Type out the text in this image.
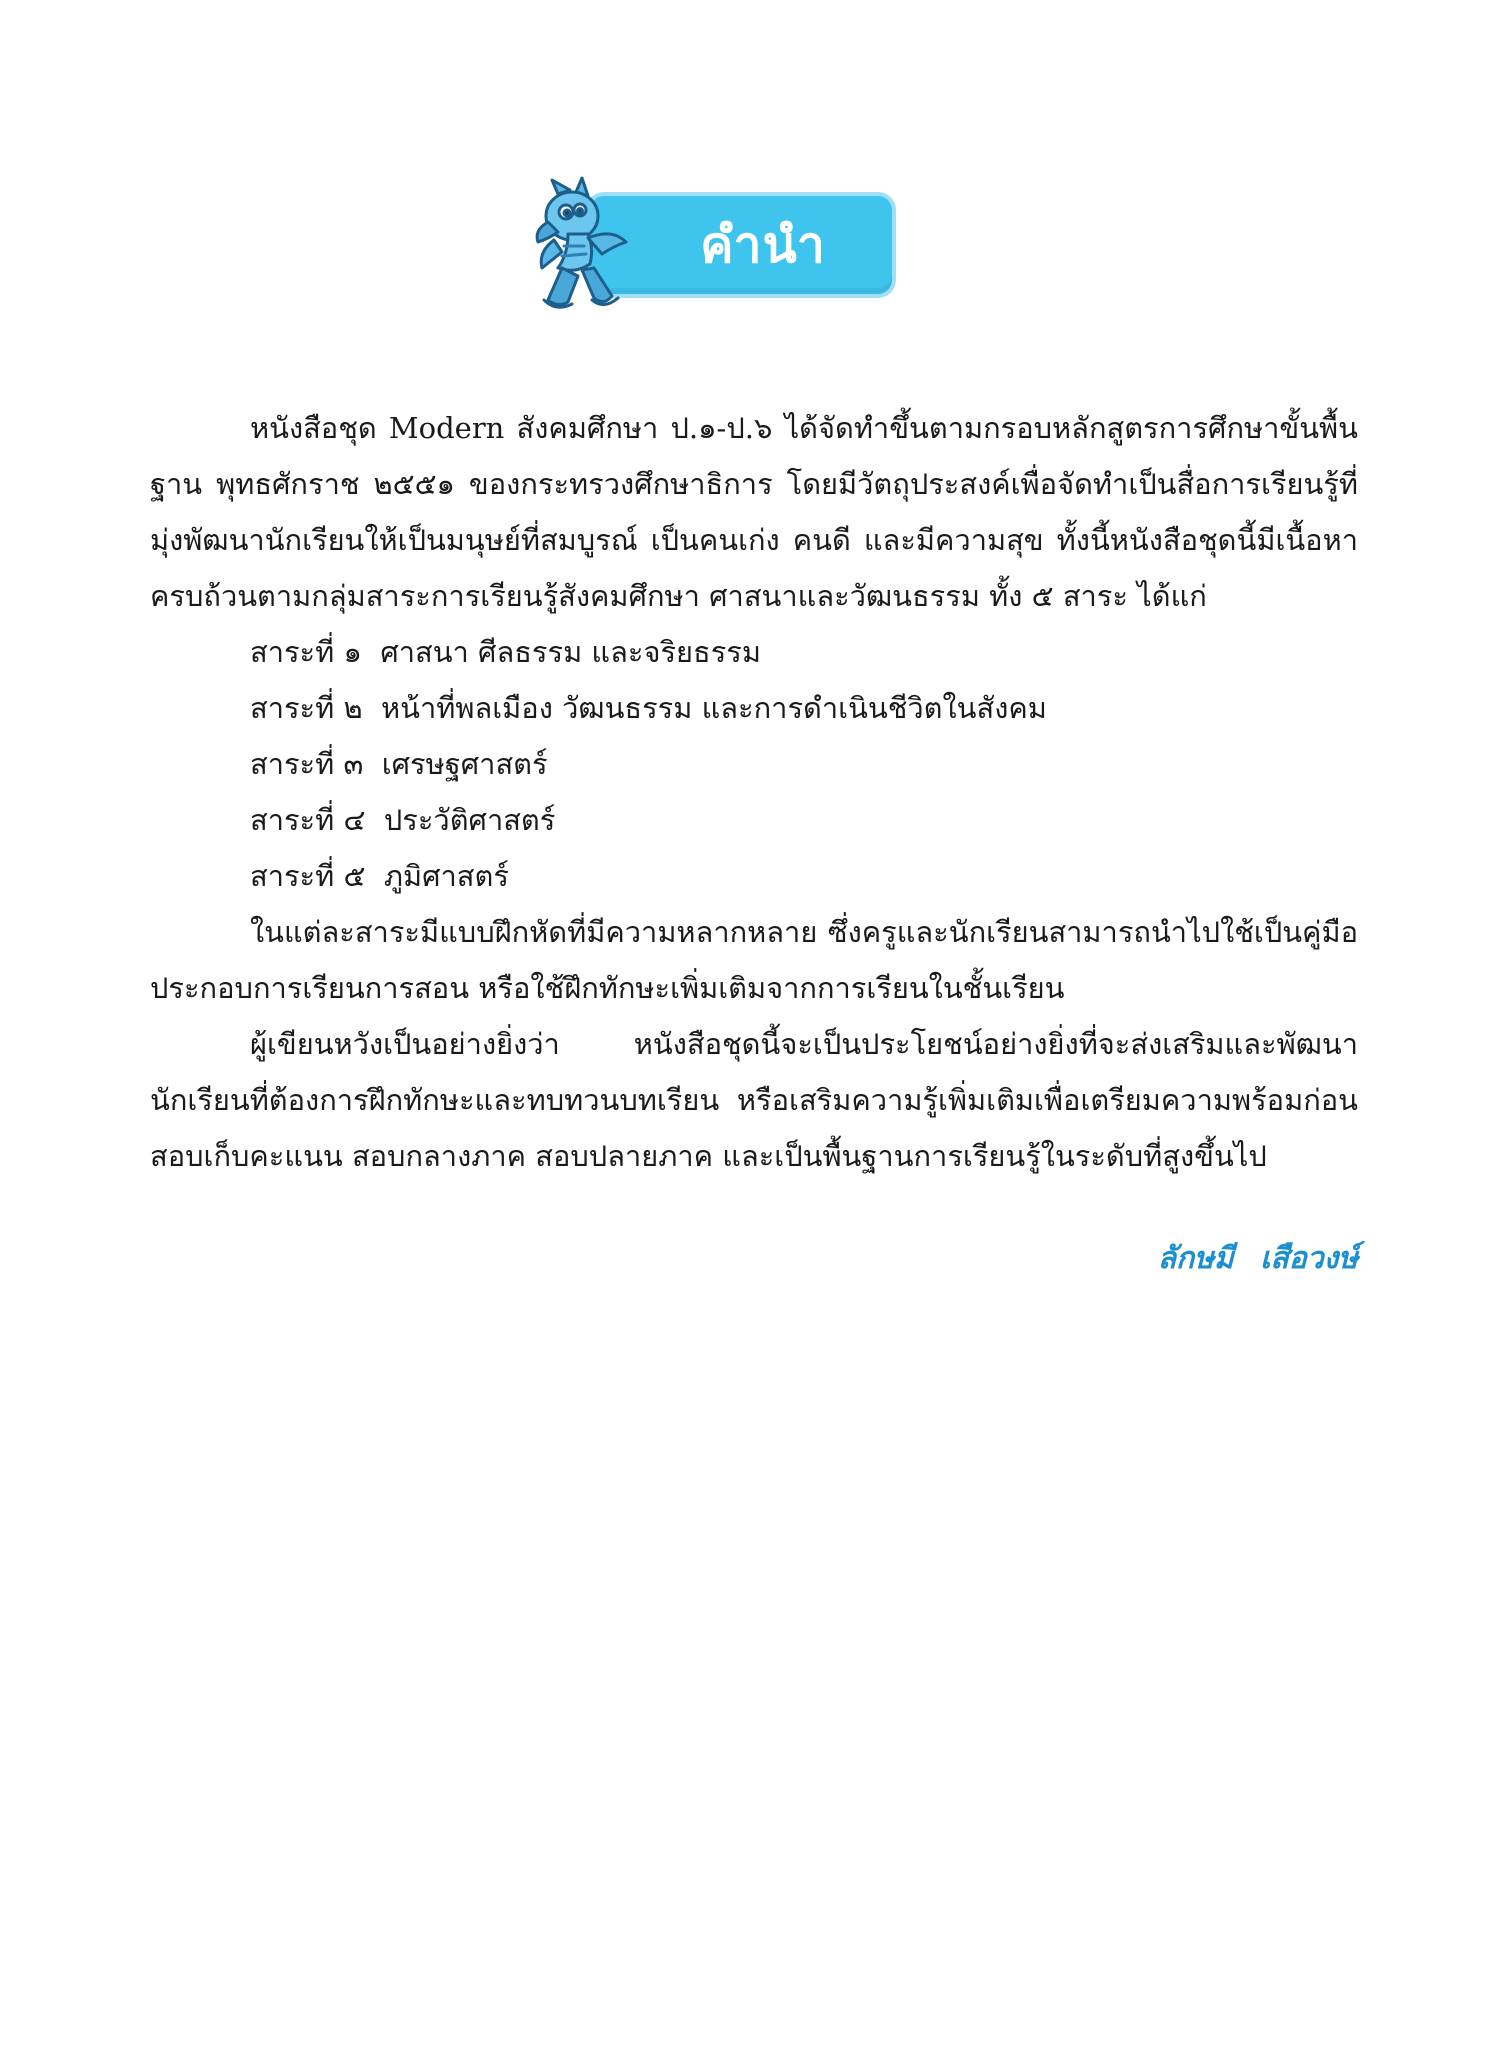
คำนำ

หนังสือชุด Modern สังคมศึกษา ป.๑-ป.๖ ได้จัดทำขึ้นตามกรอบหลักสูตรการศึกษาขั้นพื้นฐาน พุทธศักราช ๒๕๕๑ ของกระทรวงศึกษาธิการ โดยมีวัตถุประสงค์เพื่อจัดทำเป็นสื่อการเรียนรู้ที่มุ่งพัฒนานักเรียนให้เป็นมนุษย์ที่สมบูรณ์ เป็นคนเก่ง คนดี และมีความสุข ทั้งนี้หนังสือชุดนี้มีเนื้อหาครบถ้วนตามกลุ่มสาระการเรียนรู้สังคมศึกษา ศาสนาและวัฒนธรรม ทั้ง ๕ สาระ ได้แก่

สาระที่ ๑ ศาสนา ศีลธรรม และจริยธรรม
สาระที่ ๒ หน้าที่พลเมือง วัฒนธรรม และการดำเนินชีวิตในสังคม
สาระที่ ๓ เศรษฐศาสตร์
สาระที่ ๔ ประวัติศาสตร์
สาระที่ ๕ ภูมิศาสตร์

ในแต่ละสาระมีแบบฝึกหัดที่มีความหลากหลาย ซึ่งครูและนักเรียนสามารถนำไปใช้เป็นคู่มือประกอบการเรียนการสอน หรือใช้ฝึกทักษะเพิ่มเติมจากการเรียนในชั้นเรียน

ผู้เขียนหวังเป็นอย่างยิ่งว่า หนังสือชุดนี้จะเป็นประโยชน์อย่างยิ่งที่จะส่งเสริมและพัฒนานักเรียนที่ต้องการฝึกทักษะและทบทวนบทเรียน หรือเสริมความรู้เพิ่มเติมเพื่อเตรียมความพร้อมก่อนสอบเก็บคะแนน สอบกลางภาค สอบปลายภาค และเป็นพื้นฐานการเรียนรู้ในระดับที่สูงขึ้นไป

ลักษมี เสือวงษ์
